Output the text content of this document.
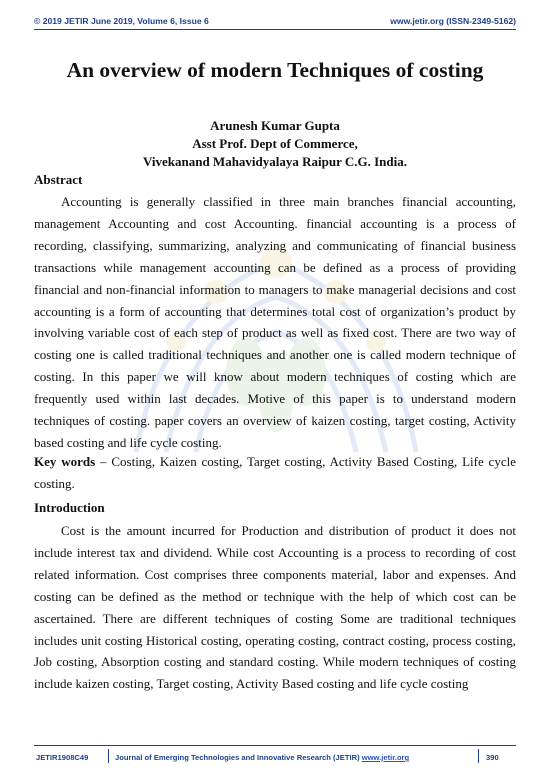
© 2019 JETIR June 2019, Volume 6, Issue 6	www.jetir.org (ISSN-2349-5162)
An overview of modern Techniques of costing
Arunesh Kumar Gupta
Asst Prof. Dept of Commerce,
Vivekanand Mahavidyalaya Raipur C.G. India.
Abstract
Accounting is generally classified in three main branches financial accounting, management Accounting and cost Accounting. financial accounting is a process of recording, classifying, summarizing, analyzing and communicating of financial business transactions while management accounting can be defined as a process of providing financial and non-financial information to managers to make managerial decisions and cost accounting is a form of accounting that determines total cost of organization’s product by involving variable cost of each step of product as well as fixed cost. There are two way of costing one is called traditional techniques and another one is called modern technique of costing. In this paper we will know about modern techniques of costing which are frequently used within last decades. Motive of this paper is to understand modern techniques of costing. paper covers an overview of kaizen costing, target costing, Activity based costing and life cycle costing.
Key words – Costing, Kaizen costing, Target costing, Activity Based Costing, Life cycle costing.
Introduction
Cost is the amount incurred for Production and distribution of product it does not include interest tax and dividend. While cost Accounting is a process to recording of cost related information. Cost comprises three components material, labor and expenses. And costing can be defined as the method or technique with the help of which cost can be ascertained. There are different techniques of costing Some are traditional techniques includes unit costing Historical costing, operating costing, contract costing, process costing, Job costing, Absorption costing and standard costing. While modern techniques of costing include kaizen costing, Target costing, Activity Based costing and life cycle costing
JETIR1908C49	Journal of Emerging Technologies and Innovative Research (JETIR) www.jetir.org	390
